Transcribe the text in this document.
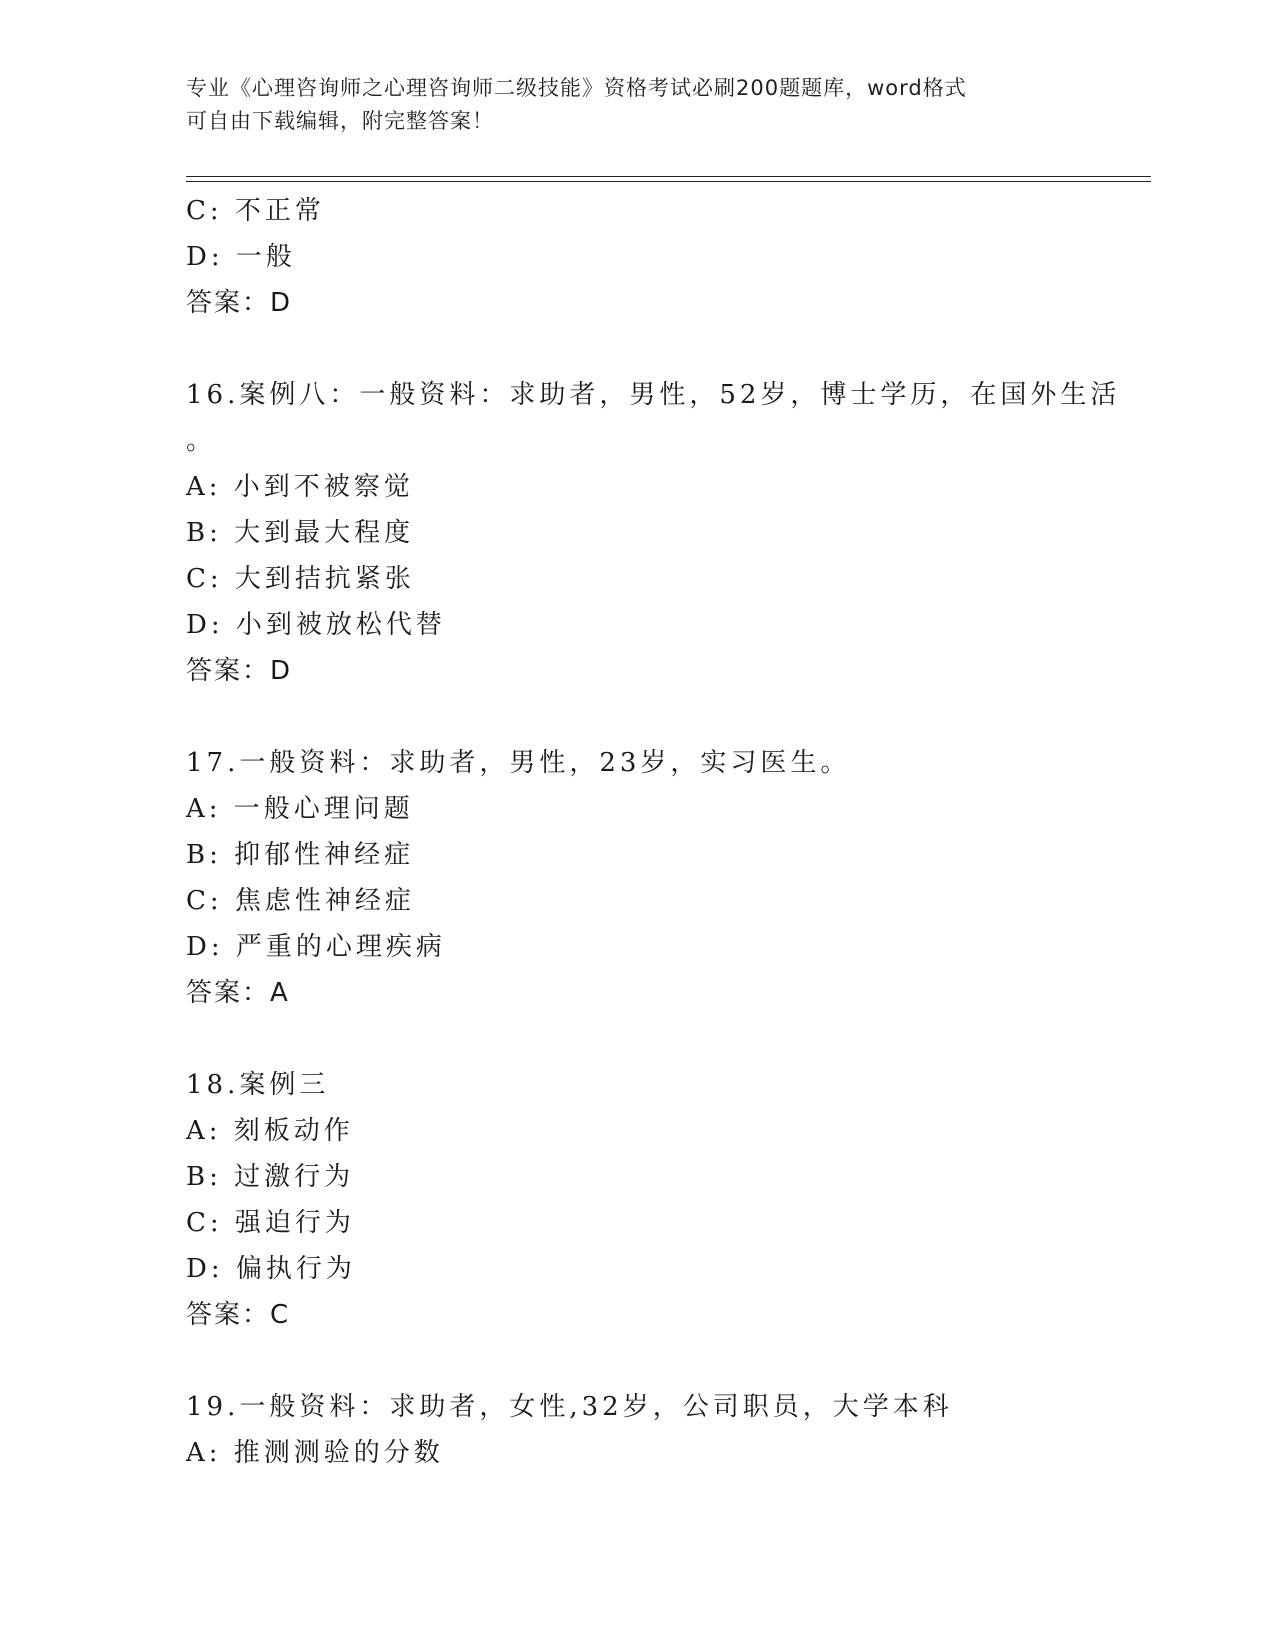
专业《心理咨询师之心理咨询师二级技能》资格考试必刷200题题库，word格式
可自由下载编辑，附完整答案！
C: 不正常
D: 一般
答案：D
16.案例八：一般资料：求助者，男性，52岁，博士学历，在国外生活
。
A: 小到不被察觉
B: 大到最大程度
C: 大到拮抗紧张
D: 小到被放松代替
答案：D
17.一般资料：求助者，男性，23岁，实习医生。
A: 一般心理问题
B: 抑郁性神经症
C: 焦虑性神经症
D: 严重的心理疾病
答案：A
18.案例三
A: 刻板动作
B: 过激行为
C: 强迫行为
D: 偏执行为
答案：C
19.一般资料：求助者，女性,32岁，公司职员，大学本科
A: 推测测验的分数
